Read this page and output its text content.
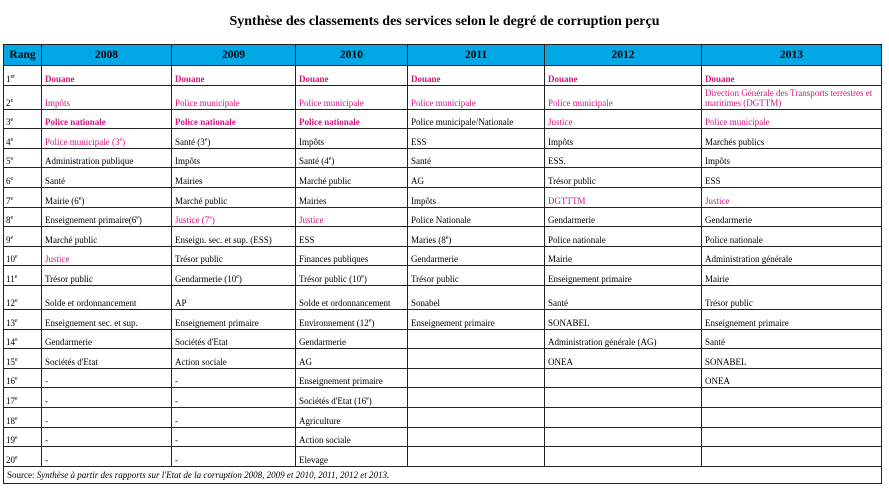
Synthèse des classements des services selon le degré de corruption perçu
Rang	2008	2009	2010	2011	2012	2013
1er	Douane	Douane	Douane	Douane	Douane	Douane
2e	Impôts	Police municipale	Police municipale	Police municipale	Police municipale	Direction Générale des Transports terrestres et maritimes (DGTTM)
3e	Police nationale	Police nationale	Police nationale	Police municipale/Nationale	Justice	Police municipale
4e	Police municipale (3e)	Santé (3e)	Impôts	ESS	Impôts	Marchés publics
5e	Administration publique	Impôts	Santé (4e)	Santé	ESS.	Impôts
6e	Santé	Mairies	Marché public	AG	Trésor public	ESS
7e	Mairie (6e)	Marché public	Mairies	Impôts	DGTTTM	Justice
8e	Enseignement primaire(6e)	Justice (7e)	Justice	Police Nationale	Gendarmerie	Gendarmerie
9e	Marché public	Enseign. sec. et sup. (ESS)	ESS	Maries (8e)	Police nationale	Police nationale
10e	Justice	Trésor public	Finances publiques	Gendarmerie	Mairie	Administration générale
11e	Trésor public	Gendarmerie (10e)	Trésor public (10e)	Trésor public	Enseignement primaire	Mairie
12e	Solde et ordonnancement	AP	Solde et ordonnancement	Sonabel	Santé	Trésor public
13e	Enseignement sec. et sup.	Enseignement primaire	Environnement (12e)	Enseignement primaire	SONABEL	Enseignement primaire
14e	Gendarmerie	Sociétés d'Etat	Gendarmerie		Administration générale (AG)	Santé
15e	Sociétés d'Etat	Action sociale	AG		ONEA	SONABEL
16e	-	-	Enseignement primaire			ONEA
17e	-	-	Sociétés d'Etat (16e)			
18e	-	-	Agriculture			
19e	-	-	Action sociale			
20e	-	-	Elevage			
Source: Synthèse à partir des rapports sur l'Etat de la corruption 2008, 2009 et 2010, 2011, 2012 et 2013.						
